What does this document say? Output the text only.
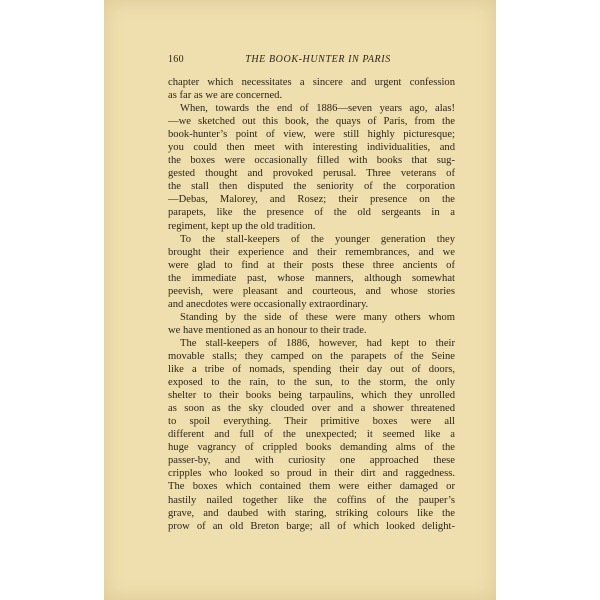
160	THE BOOK-HUNTER IN PARIS
chapter which necessitates a sincere and urgent confession
as far as we are concerned.
When, towards the end of 1886—seven years ago, alas!
—we sketched out this book, the quays of Paris, from the
book-hunter’s point of view, were still highly picturesque;
you could then meet with interesting individualities, and
the boxes were occasionally filled with books that sug-
gested thought and provoked perusal. Three veterans of
the stall then disputed the seniority of the corporation
—Debas, Malorey, and Rosez; their presence on the
parapets, like the presence of the old sergeants in a
regiment, kept up the old tradition.
To the stall-keepers of the younger generation they
brought their experience and their remembrances, and we
were glad to find at their posts these three ancients of
the immediate past, whose manners, although somewhat
peevish, were pleasant and courteous, and whose stories
and anecdotes were occasionally extraordinary.
Standing by the side of these were many others whom
we have mentioned as an honour to their trade.
The stall-keepers of 1886, however, had kept to their
movable stalls; they camped on the parapets of the Seine
like a tribe of nomads, spending their day out of doors,
exposed to the rain, to the sun, to the storm, the only
shelter to their books being tarpaulins, which they unrolled
as soon as the sky clouded over and a shower threatened
to spoil everything. Their primitive boxes were all
different and full of the unexpected; it seemed like a
huge vagrancy of crippled books demanding alms of the
passer-by, and with curiosity one approached these
cripples who looked so proud in their dirt and raggedness.
The boxes which contained them were either damaged or
hastily nailed together like the coffins of the pauper’s
grave, and daubed with staring, striking colours like the
prow of an old Breton barge; all of which looked delight-
